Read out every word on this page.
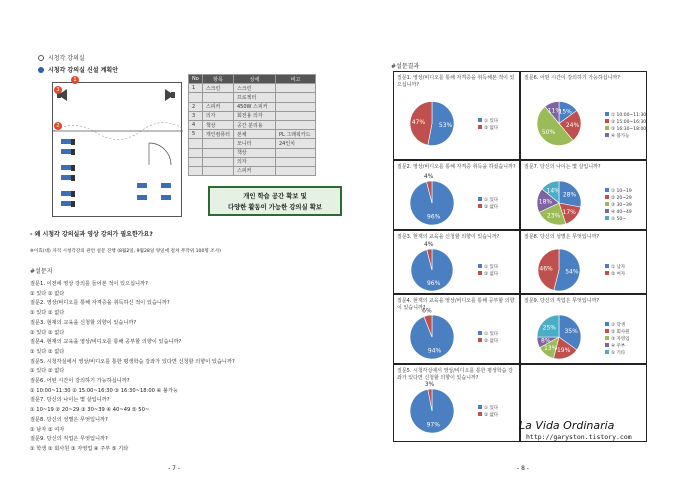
시청각 강의실
시청각 강의실 신설 계획안
1
3
2
No	항목	상세	비고
1	스크린	스크린	
		프로젝터	
2	스피커	450W 스피커	
3	의자	회전용 의자	
4	책상	공간 분리용	
5	개인컴퓨터	본체	PL 그래픽카드
		모니터	24인치
		책상	
		의자	
		스피커	
개인 학습 공간 확보 및
다양한 활동이 가능한 강의실 확보
- 왜 시청각 강의실과 영상 강의가 필요한가요?
※이효(대) 자격 시청각강의 관련 설문 진행 (8월2일, 9월28일 양일에 걸쳐 무작위 100명 조사)
#설문지
질문1. 이전에 영상 강의를 들어본 적이 있으십니까?
① 있다 ② 없다
질문2. 영상/비디오를 통해 자격증을 취득하신 적이 있습니까?
① 있다 ② 없다
질문3. 현재의 교육을 신청할 의향이 있습니까?
① 있다 ② 없다
질문4. 현재의 교육을 영상/비디오를 통해 공부할 의향이 있습니까?
① 있다 ② 없다
질문5. 시청각실에서 영상/비디오를 통한 평생학습 강좌가 있다면 신청할 의향이 있습니까?
① 있다 ② 없다
질문6. 어떤 시간이 강의하기 가능하십니까?
① 10:00~11:30 ② 15:00~16:30 ③ 16:30~18:00 ④ 불가능
질문7. 당신의 나이는 몇 살입니까?
① 10~19 ② 20~29 ③ 30~39 ④ 40~49 ⑤ 50~
질문8. 당신의 성별은 무엇입니까?
① 남자 ② 여자
질문9. 당신의 직업은 무엇입니까?
① 학생 ② 회사원 ③ 자영업 ④ 주부 ⑤ 기타
- 7 -
#설문결과
질문1. 영상/비디오를 통해 자격증을 취득해본 적이 있으십니까?
53%
47%	① 있다
② 없다
질문6. 어떤 시간이 강의하기 가능하십니까?
15%
24%
50%
11%
① 10:00~11:30
② 15:00~16:30
③ 16:30~18:00
④ 불가능
질문2. 영상/비디오를 통해 자격증 취득을 하셨습니까?
96%
4%
① 있다
② 없다
질문7. 당신의 나이는 몇 살입니까?
28%
17%
23%
18%
14%	① 10~19
② 20~29
③ 30~39
④ 40~49
⑤ 50~
질문3. 현재의 교육을 신청할 의향이 있습니까?
96%
4%
① 있다
② 없다
질문8. 당신의 성별은 무엇입니까?
54%
46%	① 남자
② 여자
질문4. 현재의 교육을 영상/비디오를 통해 공부할 의향이 있습니까?
94%
6%
① 있다
② 없다
질문9. 당신의 직업은 무엇입니까?
35%
19%
13%
8%
25%	① 학생
② 회사원
③ 자영업
④ 주부
⑤ 기타
질문5. 시청각실에서 영상/비디오를 통한 평생학습 강좌가 있다면 신청할 의향이 있습니까?
97%
3%
① 있다
② 없다
- 8 -
La Vida Ordinaria
http://garyston.tistory.com
